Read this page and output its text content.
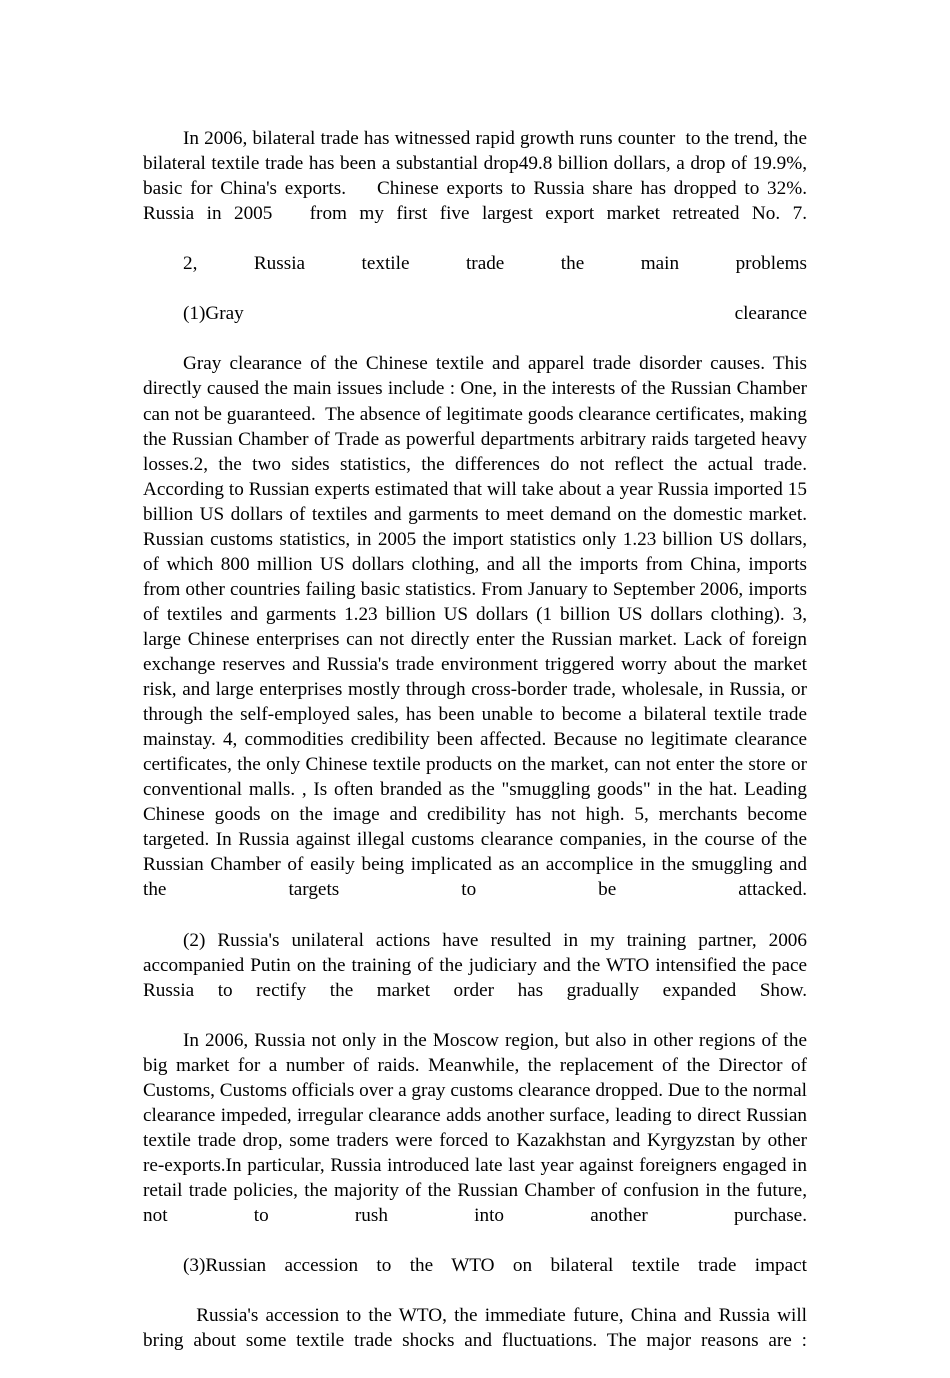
In 2006, bilateral trade has witnessed rapid growth runs counter  to the trend, the bilateral textile trade has been a substantial drop49.8 billion dollars, a drop of 19.9%, basic for China's exports.    Chinese exports to Russia share has dropped to 32%. Russia in 2005   from my first five largest export market retreated No. 7.

2, Russia textile trade the main problems

(1)Gray clearance

Gray clearance of the Chinese textile and apparel trade disorder causes. This directly caused the main issues include : One, in the interests of the Russian Chamber can not be guaranteed.  The absence of legitimate goods clearance certificates, making the Russian Chamber of Trade as powerful departments arbitrary raids targeted heavy losses.2, the two sides statistics, the differences do not reflect the actual trade. According to Russian experts estimated that will take about a year Russia imported 15 billion US dollars of textiles and garments to meet demand on the domestic market. Russian customs statistics, in 2005 the import statistics only 1.23 billion US dollars, of which 800 million US dollars clothing, and all the imports from China, imports from other countries failing basic statistics. From January to September 2006, imports of textiles and garments 1.23 billion US dollars (1 billion US dollars clothing). 3, large Chinese enterprises can not directly enter the Russian market. Lack of foreign exchange reserves and Russia's trade environment triggered worry about the market risk, and large enterprises mostly through cross-border trade, wholesale, in Russia, or through the self-employed sales, has been unable to become a bilateral textile trade mainstay. 4, commodities credibility been affected. Because no legitimate clearance certificates, the only Chinese textile products on the market, can not enter the store or conventional malls. , Is often branded as the "smuggling goods" in the hat. Leading Chinese goods on the image and credibility has not high. 5, merchants become targeted. In Russia against illegal customs clearance companies, in the course of the Russian Chamber of easily being implicated as an accomplice in the smuggling and the targets to be attacked.

(2) Russia's unilateral actions have resulted in my training partner, 2006 accompanied Putin on the training of the judiciary and the WTO intensified the pace Russia to rectify the market order has gradually expanded Show.

In 2006, Russia not only in the Moscow region, but also in other regions of the big market for a number of raids. Meanwhile, the replacement of the Director of Customs, Customs officials over a gray customs clearance dropped. Due to the normal clearance impeded, irregular clearance adds another surface, leading to direct Russian textile trade drop, some traders were forced to Kazakhstan and Kyrgyzstan by other re-exports.In particular, Russia introduced late last year against foreigners engaged in retail trade policies, the majority of the Russian Chamber of confusion in the future, not to rush into another purchase.

(3)Russian accession to the WTO on bilateral textile trade impact

Russia's accession to the WTO, the immediate future, China and Russia will bring about some textile trade shocks and fluctuations. The major reasons are :
